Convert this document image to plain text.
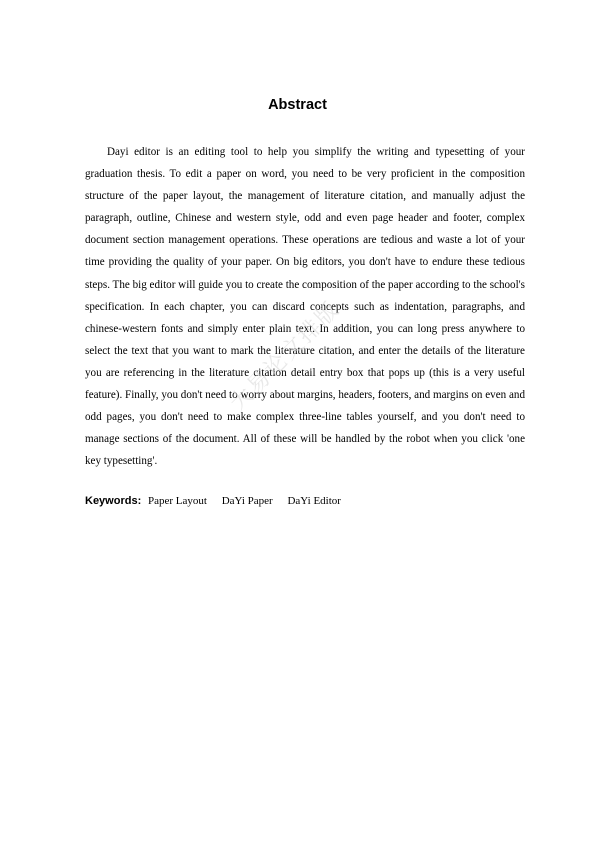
Abstract

Dayi editor is an editing tool to help you simplify the writing and typesetting of your graduation thesis. To edit a paper on word, you need to be very proficient in the composition structure of the paper layout, the management of literature citation, and manually adjust the paragraph, outline, Chinese and western style, odd and even page header and footer, complex document section management operations. These operations are tedious and waste a lot of your time providing the quality of your paper. On big editors, you don't have to endure these tedious steps. The big editor will guide you to create the composition of the paper according to the school's specification. In each chapter, you can discard concepts such as indentation, paragraphs, and chinese-western fonts and simply enter plain text. In addition, you can long press anywhere to select the text that you want to mark the literature citation, and enter the details of the literature you are referencing in the literature citation detail entry box that pops up (this is a very useful feature). Finally, you don't need to worry about margins, headers, footers, and margins on even and odd pages, you don't need to make complex three-line tables yourself, and you don't need to manage sections of the document. All of these will be handled by the robot when you click 'one key typesetting'.

Keywords: Paper Layout DaYi Paper DaYi Editor
大易论文排版
